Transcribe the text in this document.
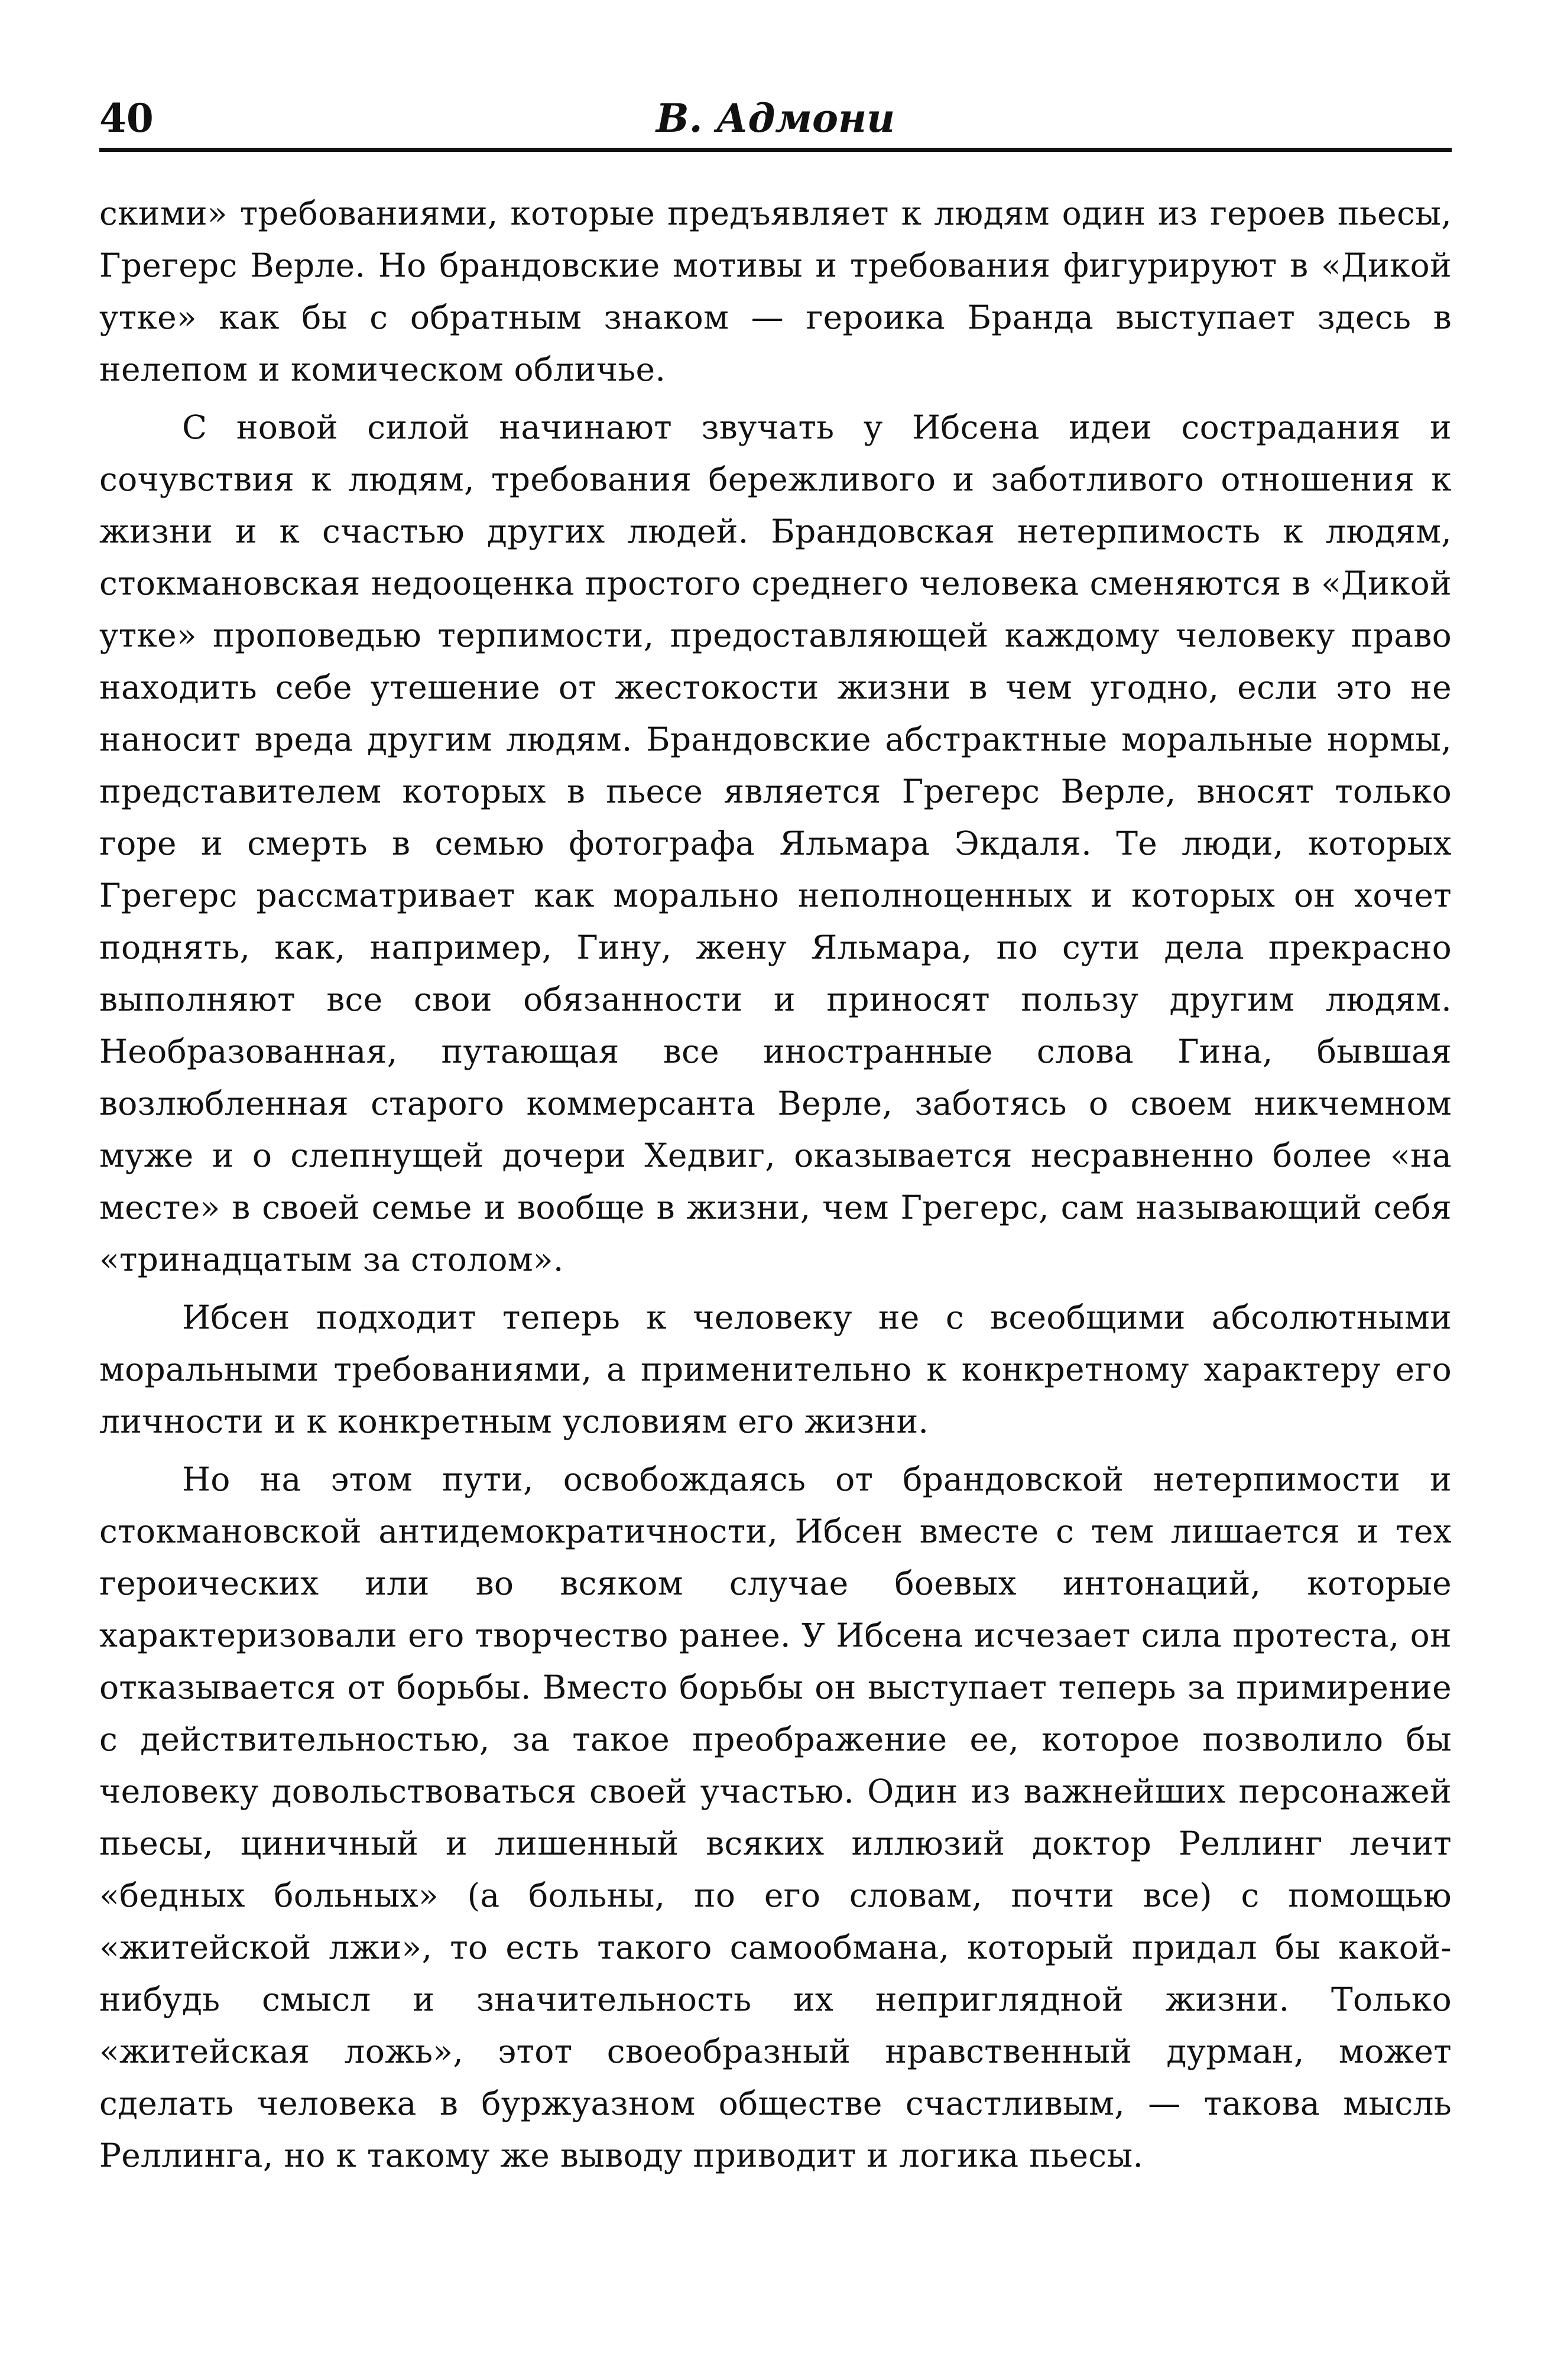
40	В. Адмони

скими» требованиями, которые предъявляет к людям один из героев пьесы, Грегерс Верле. Но брандовские мотивы и требования фигурируют в «Дикой утке» как бы с обратным знаком — героика Бранда выступает здесь в нелепом и комическом обличье.

С новой силой начинают звучать у Ибсена идеи сострадания и сочувствия к людям, требования бережливого и заботливого отношения к жизни и к счастью других людей. Брандовская нетерпимость к людям, стокмановская недооценка простого среднего человека сменяются в «Дикой утке» проповедью терпимости, предоставляющей каждому человеку право находить себе утешение от жестокости жизни в чем угодно, если это не наносит вреда другим людям. Брандовские абстрактные моральные нормы, представителем которых в пьесе является Грегерс Верле, вносят только горе и смерть в семью фотографа Яльмара Экдаля. Те люди, которых Грегерс рассматривает как морально неполноценных и которых он хочет поднять, как, например, Гину, жену Яльмара, по сути дела прекрасно выполняют все свои обязанности и приносят пользу другим людям. Необразованная, путающая все иностранные слова Гина, бывшая возлюбленная старого коммерсанта Верле, заботясь о своем никчемном муже и о слепнущей дочери Хедвиг, оказывается несравненно более «на месте» в своей семье и вообще в жизни, чем Грегерс, сам называющий себя «тринадцатым за столом».

Ибсен подходит теперь к человеку не с всеобщими абсолютными моральными требованиями, а применительно к конкретному характеру его личности и к конкретным условиям его жизни.

Но на этом пути, освобождаясь от брандовской нетерпимости и стокмановской антидемократичности, Ибсен вместе с тем лишается и тех героических или во всяком случае боевых интонаций, которые характеризовали его творчество ранее. У Ибсена исчезает сила протеста, он отказывается от борьбы. Вместо борьбы он выступает теперь за примирение с действительностью, за такое преображение ее, которое позволило бы человеку довольствоваться своей участью. Один из важнейших персонажей пьесы, циничный и лишенный всяких иллюзий доктор Реллинг лечит «бедных больных» (а больны, по его словам, почти все) с помощью «житейской лжи», то есть такого самообмана, который придал бы какой-нибудь смысл и значительность их неприглядной жизни. Только «житейская ложь», этот своеобразный нравственный дурман, может сделать человека в буржуазном обществе счастливым, — такова мысль Реллинга, но к такому же выводу приводит и логика пьесы.
